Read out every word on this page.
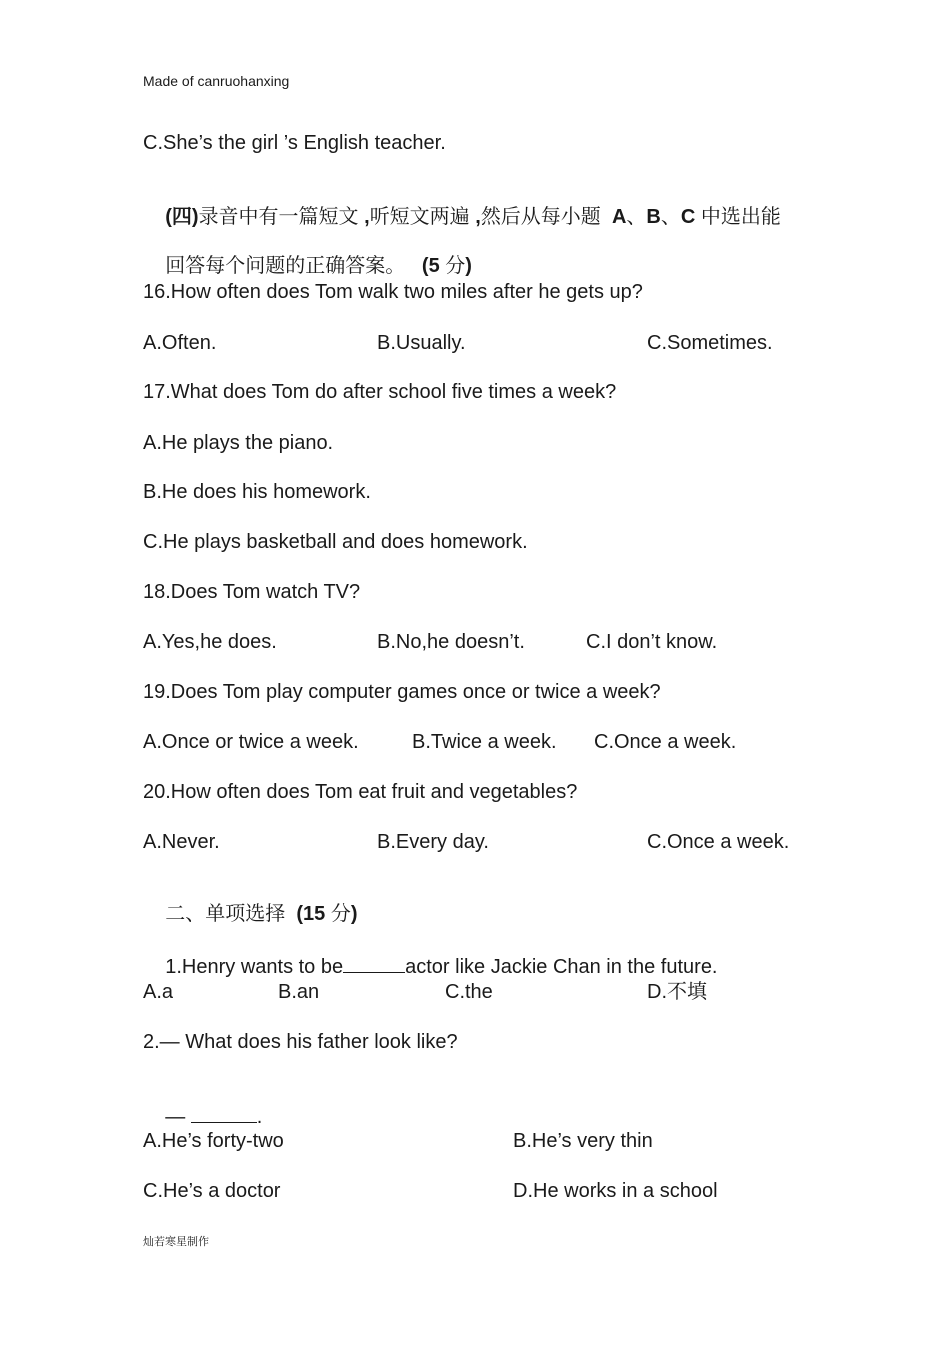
Made of canruohanxing
C.She’s the girl ’s English teacher.

(四)录音中有一篇短文 ,听短文两遍 ,然后从每小题 A、B、C 中选出能

回答每个问题的正确答案。 (5 分)

16.How often does Tom walk two miles after he gets up?
A.Often.	B.Usually.	C.Sometimes.
17.What does Tom do after school five times a week?
A.He plays the piano.
B.He does his homework.
C.He plays basketball and does homework.
18.Does Tom watch TV?
A.Yes,he does.	B.No,he doesn’t.	C.I don’t know.
19.Does Tom play computer games once or twice a week?
A.Once or twice a week.	B.Twice a week. C.Once a week.
20.How often does Tom eat fruit and vegetables?
A.Never.	B.Every day.	C.Once a week.

二、单项选择 (15 分)

1.Henry wants to be	actor like Jackie Chan in the future.

A.a	B.an	C.the	D.不填
2.— What does his father look like?

—	.

A.He’s forty-two	B.He’s very thin
C.He’s a doctor	D.He works in a school
灿若寒星制作
